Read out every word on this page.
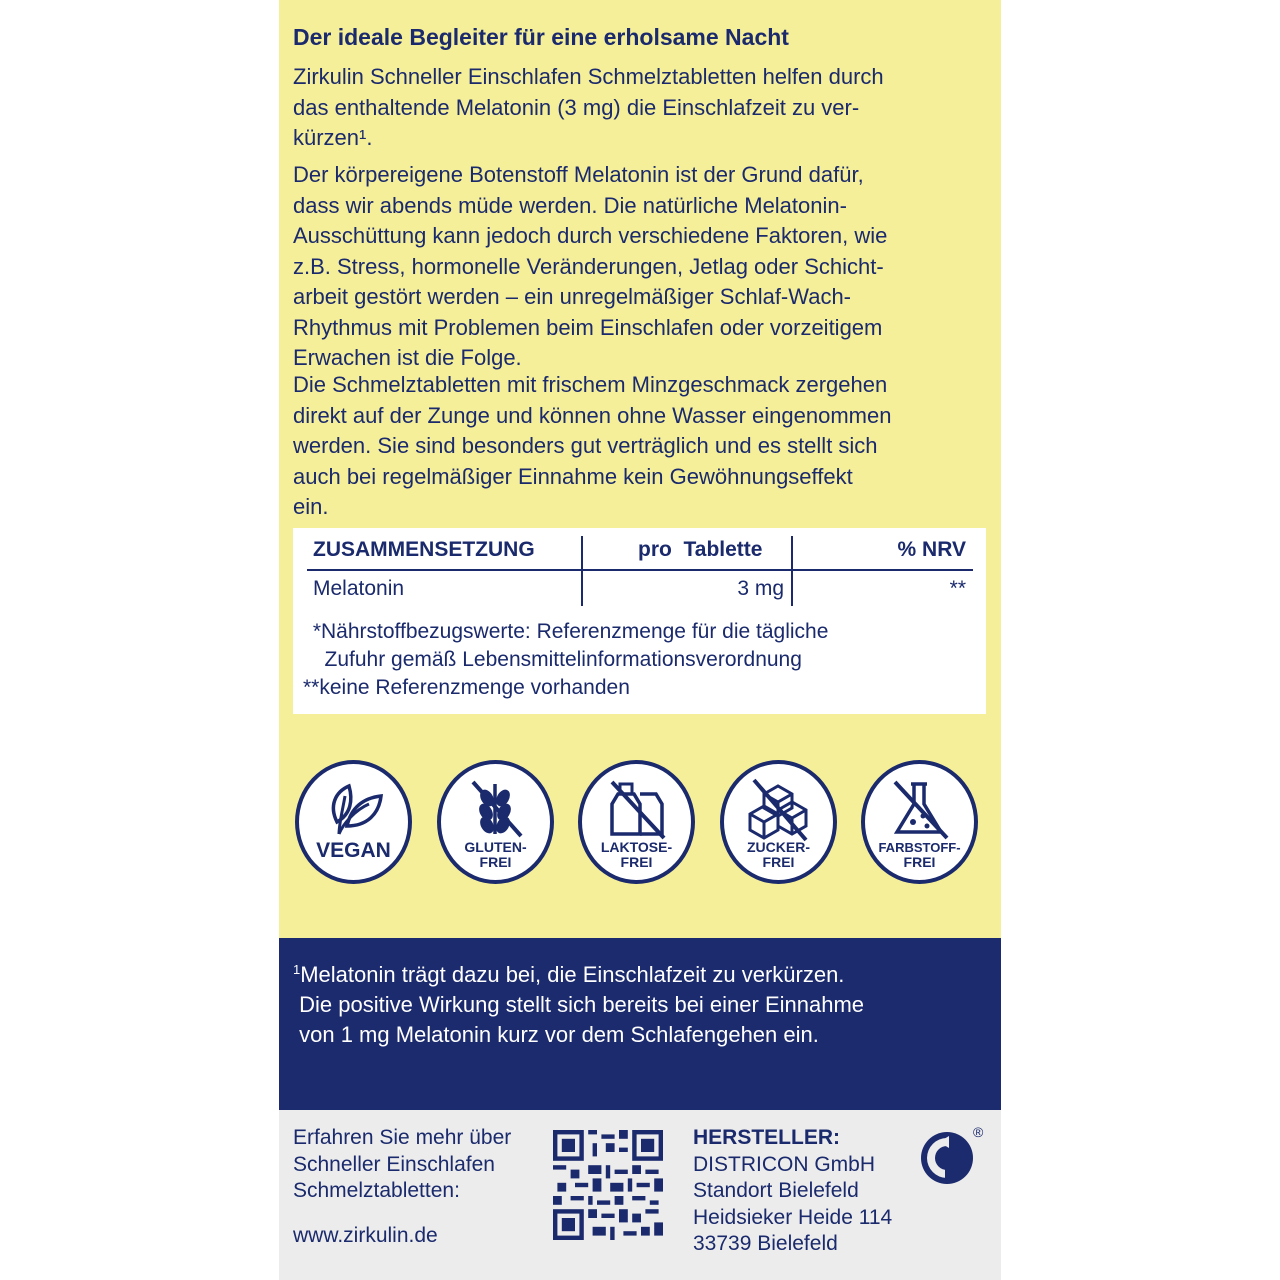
Der ideale Begleiter für eine erholsame Nacht
Zirkulin Schneller Einschlafen Schmelztabletten helfen durch
das enthaltende Melatonin (3 mg) die Einschlafzeit zu ver-
kürzen¹.
Der körpereigene Botenstoff Melatonin ist der Grund dafür,
dass wir abends müde werden. Die natürliche Melatonin-
Ausschüttung kann jedoch durch verschiedene Faktoren, wie
z.B. Stress, hormonelle Veränderungen, Jetlag oder Schicht-
arbeit gestört werden – ein unregelmäßiger Schlaf-Wach-
Rhythmus mit Problemen beim Einschlafen oder vorzeitigem
Erwachen ist die Folge.
Die Schmelztabletten mit frischem Minzgeschmack zergehen
direkt auf der Zunge und können ohne Wasser eingenommen
werden. Sie sind besonders gut verträglich und es stellt sich
auch bei regelmäßiger Einnahme kein Gewöhnungseffekt
ein.
ZUSAMMENSETZUNG	pro  Tablette	% NRV
Melatonin	3 mg	**
*Nährstoffbezugswerte: Referenzmenge für die tägliche
Zufuhr gemäß Lebensmittelinformationsverordnung
**keine Referenzmenge vorhanden
VEGAN	GLUTEN-
FREI
LAKTOSE-
FREI
ZUCKER-
FREI
FARBSTOFF-
FREI
$^1$Melatonin trägt dazu bei, die Einschlafzeit zu verkürzen.
Die positive Wirkung stellt sich bereits bei einer Einnahme
von 1 mg Melatonin kurz vor dem Schlafengehen ein.
Erfahren Sie mehr über
Schneller Einschlafen
Schmelztabletten:
www.zirkulin.de
HERSTELLER:
DISTRICON GmbH
Standort Bielefeld
Heidsieker Heide 114
33739 Bielefeld
®
